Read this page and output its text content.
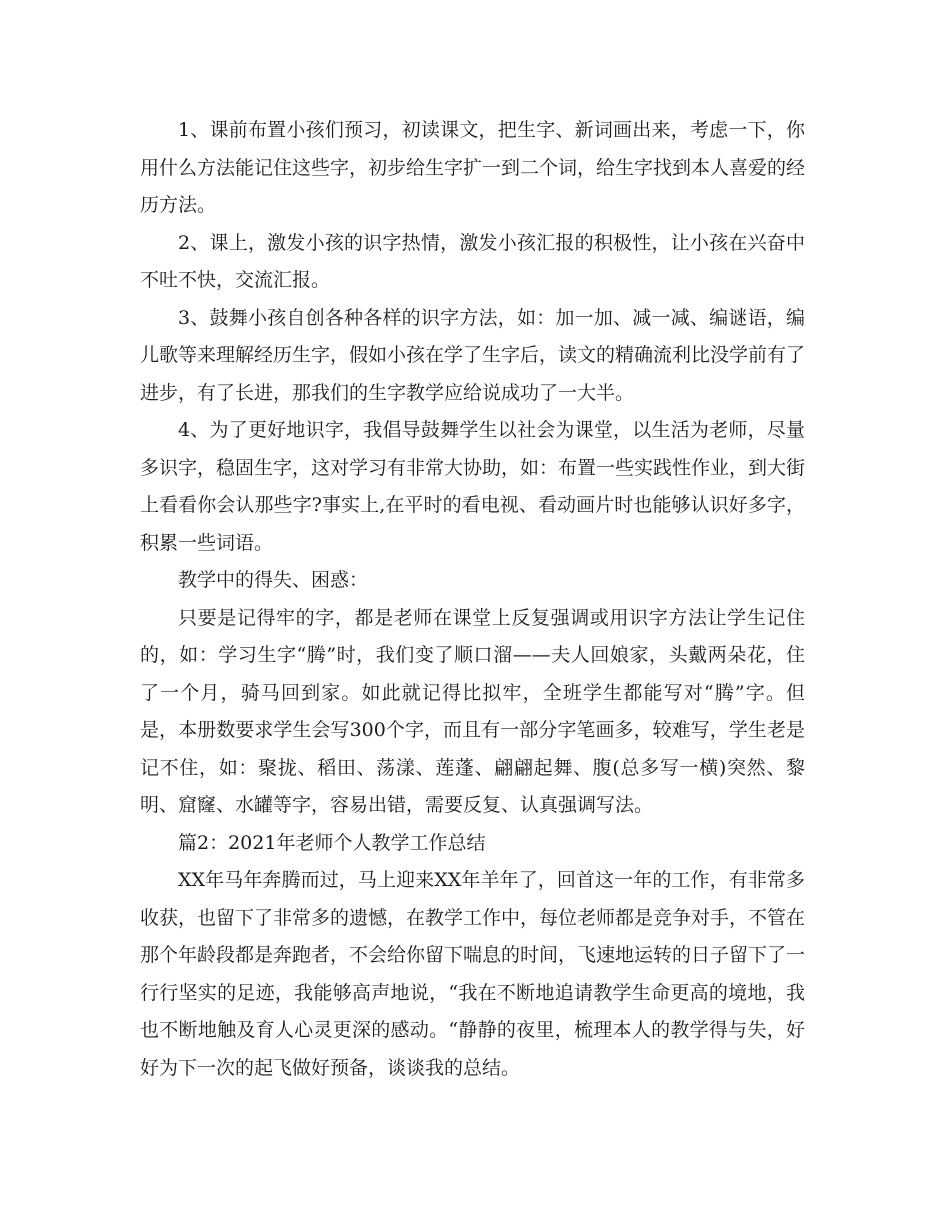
1、课前布置小孩们预习，初读课文，把生字、新词画出来，考虑一下，你用什么方法能记住这些字，初步给生字扩一到二个词，给生字找到本人喜爱的经历方法。

2、课上，激发小孩的识字热情，激发小孩汇报的积极性，让小孩在兴奋中不吐不快，交流汇报。

3、鼓舞小孩自创各种各样的识字方法，如：加一加、减一减、编谜语，编儿歌等来理解经历生字，假如小孩在学了生字后，读文的精确流利比没学前有了进步，有了长进，那我们的生字教学应给说成功了一大半。

4、为了更好地识字，我倡导鼓舞学生以社会为课堂，以生活为老师，尽量多识字，稳固生字，这对学习有非常大协助，如：布置一些实践性作业，到大街上看看你会认那些字?事实上,在平时的看电视、看动画片时也能够认识好多字，积累一些词语。

教学中的得失、困惑：

只要是记得牢的字，都是老师在课堂上反复强调或用识字方法让学生记住的，如：学习生字“腾”时，我们变了顺口溜——夫人回娘家，头戴两朵花，住了一个月，骑马回到家。如此就记得比拟牢，全班学生都能写对“腾”字。但是，本册数要求学生会写300个字，而且有一部分字笔画多，较难写，学生老是记不住，如：聚拢、稻田、荡漾、莲蓬、翩翩起舞、腹(总多写一横)突然、黎明、窟窿、水罐等字，容易出错，需要反复、认真强调写法。

篇2：2021年老师个人教学工作总结

XX年马年奔腾而过，马上迎来XX年羊年了，回首这一年的工作，有非常多收获，也留下了非常多的遗憾，在教学工作中，每位老师都是竞争对手，不管在那个年龄段都是奔跑者，不会给你留下喘息的时间，飞速地运转的日子留下了一行行坚实的足迹，我能够高声地说，“我在不断地追请教学生命更高的境地，我也不断地触及育人心灵更深的感动。“静静的夜里，梳理本人的教学得与失，好好为下一次的起飞做好预备，谈谈我的总结。
